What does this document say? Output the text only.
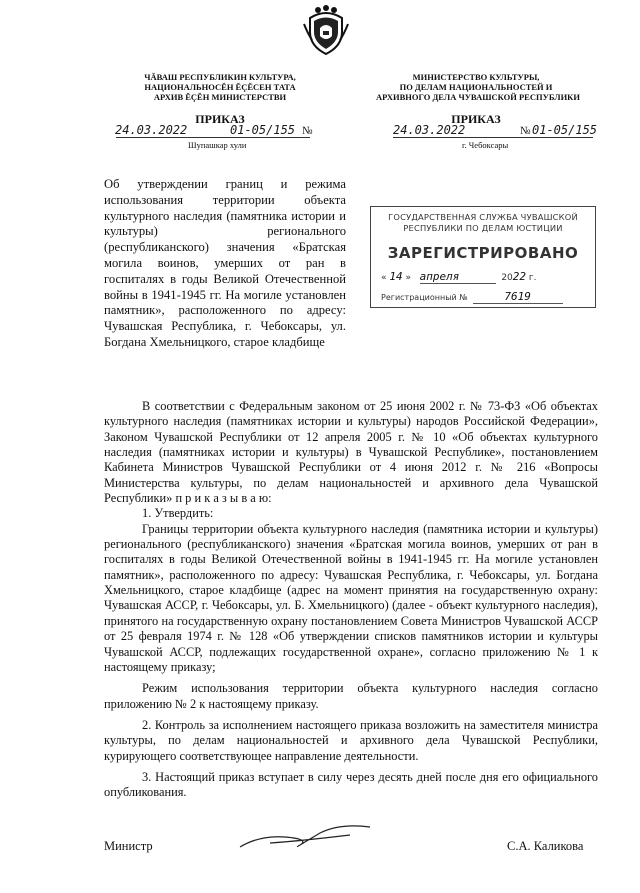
ЧĂВАШ РЕСПУБЛИКИН КУЛЬТУРА,
НАЦИОНАЛЬНОСĔН ĔÇĔСЕН ТАТА
АРХИВ ĔÇĔН МИНИСТЕРСТВИ
ПРИКАЗ
24.03.2022	01-05/155 №
Шупашкар хули
МИНИСТЕРСТВО КУЛЬТУРЫ,
ПО ДЕЛАМ НАЦИОНАЛЬНОСТЕЙ И
АРХИВНОГО ДЕЛА ЧУВАШСКОЙ РЕСПУБЛИКИ
ПРИКАЗ
24.03.2022	№ 01-05/155
г. Чебоксары
Об утверждении границ и режима использования территории объекта культурного наследия (памятника истории и культуры) регионального (республиканского) значения «Братская могила воинов, умерших от ран в госпиталях в годы Великой Отечественной войны в 1941-1945 гг. На могиле установлен памятник», расположенного по адресу: Чувашская Республика, г. Чебоксары, ул. Богдана Хмельницкого, старое кладбище
ГОСУДАРСТВЕННАЯ СЛУЖБА ЧУВАШСКОЙ
РЕСПУБЛИКИ ПО ДЕЛАМ ЮСТИЦИИ
ЗАРЕГИСТРИРОВАНО
« 14 »   апреля	2022 г.
Регистрационный №	7619

В соответствии с Федеральным законом от 25 июня 2002 г. № 73-ФЗ «Об объектах культурного наследия (памятниках истории и культуры) народов Российской Федерации», Законом Чувашской Республики от 12 апреля 2005 г. № 10 «Об объектах культурного наследия (памятниках истории и культуры) в Чувашской Республике», постановлением Кабинета Министров Чувашской Республики от 4 июня 2012 г. № 216 «Вопросы Министерства культуры, по делам национальностей и архивного дела Чувашской Республики» п р и к а з ы в а ю:

1. Утвердить:

Границы территории объекта культурного наследия (памятника истории и культуры) регионального (республиканского) значения «Братская могила воинов, умерших от ран в госпиталях в годы Великой Отечественной войны в 1941-1945 гг. На могиле установлен памятник», расположенного по адресу: Чувашская Республика, г. Чебоксары, ул. Богдана Хмельницкого, старое кладбище (адрес на момент принятия на государственную охрану: Чувашская АССР, г. Чебоксары, ул. Б. Хмельницкого) (далее - объект культурного наследия), принятого на государственную охрану постановлением Совета Министров Чувашской АССР от 25 февраля 1974 г. № 128 «Об утверждении списков памятников истории и культуры Чувашской АССР, подлежащих государственной охране», согласно приложению № 1 к настоящему приказу;

Режим использования территории объекта культурного наследия согласно приложению № 2 к настоящему приказу.

2. Контроль за исполнением настоящего приказа возложить на заместителя министра культуры, по делам национальностей и архивного дела Чувашской Республики, курирующего соответствующее направление деятельности.

3. Настоящий приказ вступает в силу через десять дней после дня его официального опубликования.

Министр	С.А. Каликова
